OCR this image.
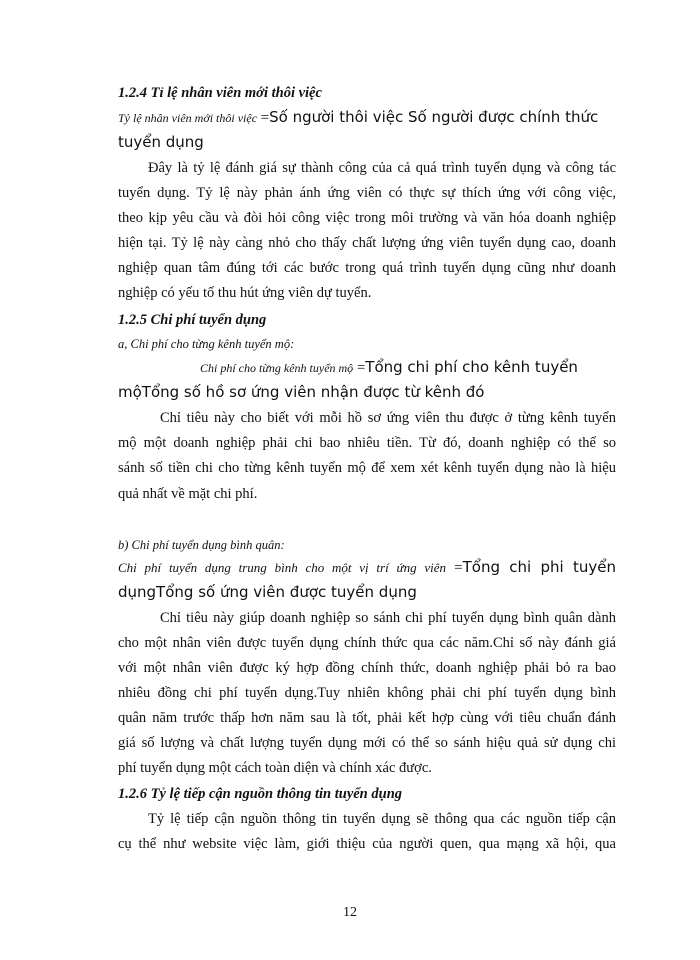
1.2.4 Tỉ lệ nhân viên mới thôi việc
Tỷ lệ nhân viên mới thôi việc =Số người thôi việc Số người được chính thức
tuyển dụng
Đây là tỷ lệ đánh giá sự thành công của cả quá trình tuyển dụng và công tác
tuyển dụng. Tỷ lệ này phản ánh ứng viên có thực sự thích ứng với công việc,
theo kịp yêu cầu và đòi hỏi công việc trong môi trường và văn hóa doanh nghiệp
hiện tại. Tỷ lệ này càng nhỏ cho thấy chất lượng ứng viên tuyển dụng cao, doanh
nghiệp quan tâm đúng tới các bước trong quá trình tuyển dụng cũng như doanh
nghiệp có yếu tố thu hút ứng viên dự tuyển.
1.2.5 Chi phí tuyển dụng
a, Chi phí cho từng kênh tuyển mộ:
Chi phí cho từng kênh tuyển mộ =Tổng chi phí cho kênh tuyển
mộTổng số hồ sơ ứng viên nhận được từ kênh đó
Chỉ tiêu này cho biết với mỗi hồ sơ ứng viên thu được ở từng kênh tuyển
mộ một doanh nghiệp phải chi bao nhiêu tiền. Từ đó, doanh nghiệp có thể so
sánh số tiền chi cho từng kênh tuyển mộ để xem xét kênh tuyển dụng nào là hiệu
quả nhất về mặt chi phí.
b) Chi phí tuyển dụng bình quân:
Chi phí tuyển dụng trung bình cho một vị trí ứng viên =Tổng chi phi tuyển
dụngTổng số ứng viên được tuyển dụng
Chỉ tiêu này giúp doanh nghiệp so sánh chi phí tuyển dụng bình quân dành
cho một nhân viên được tuyển dụng chính thức qua các năm.Chỉ số này đánh giá
với một nhân viên được ký hợp đồng chính thức, doanh nghiệp phải bỏ ra bao
nhiêu đồng chi phí tuyển dụng.Tuy nhiên không phải chi phí tuyển dụng bình
quân năm trước thấp hơn năm sau là tốt, phải kết hợp cùng với tiêu chuẩn đánh
giá số lượng và chất lượng tuyển dụng mới có thể so sánh hiệu quả sử dụng chi
phí tuyển dụng một cách toàn diện và chính xác được.
1.2.6 Tỷ lệ tiếp cận nguồn thông tin tuyển dụng
Tỷ lệ tiếp cận nguồn thông tin tuyển dụng sẽ thông qua các nguồn tiếp cận
cụ thể như website việc làm, giới thiệu của người quen, qua mạng xã hội, qua
12
